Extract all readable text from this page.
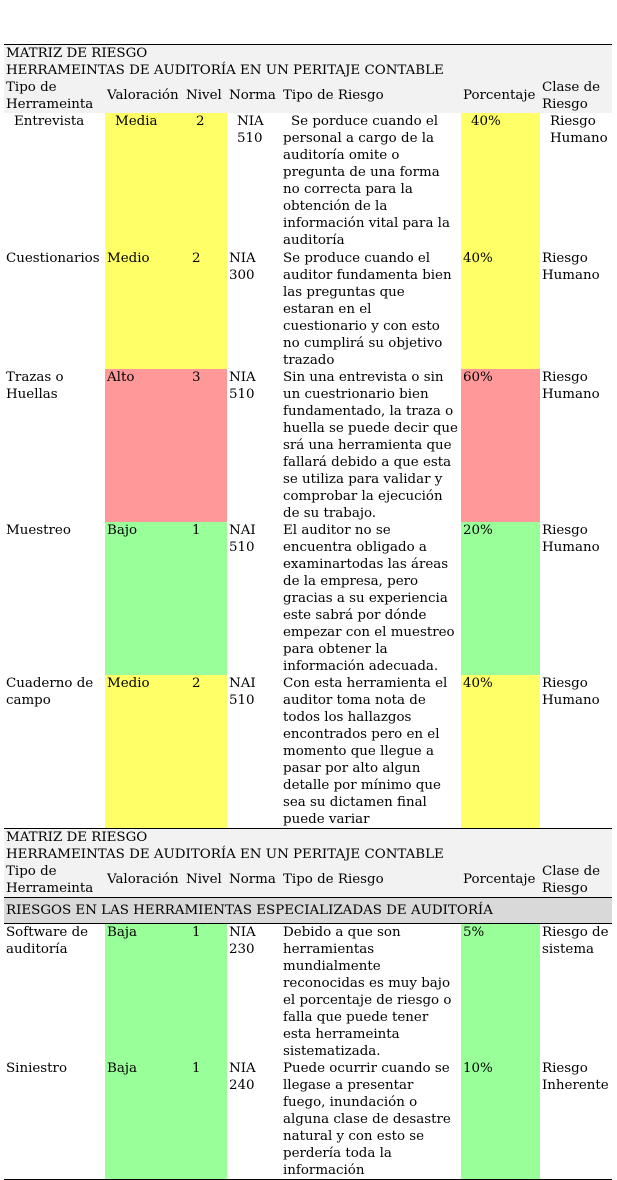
MATRIZ DE RIESGO
HERRAMEINTAS DE AUDITORÍA EN UN PERITAJE CONTABLE						

Tipo de Herrameinta	Valoración	Nivel	Norma	Tipo de Riesgo	Porcentaje	Clase de Riesgo
Entrevista	Media	2	NIA 510	Se porduce cuando el personal a cargo de la auditoría omite o pregunta de una forma no correcta para la obtención de la información vital para la auditoría	40%	Riesgo Humano
Cuestionarios	Medio	2	NIA 300	Se produce cuando el auditor fundamenta bien las preguntas que estaran en el cuestionario y con esto no cumplirá su objetivo trazado	40%	Riesgo Humano
Trazas o Huellas	Alto	3	NIA 510	Sin una entrevista o sin un cuestrionario bien fundamentado, la traza o huella se puede decir que srá una herramienta que fallará debido a que esta se utiliza para validar y comprobar la ejecución de su trabajo.	60%	Riesgo Humano
Muestreo	Bajo	1	NAI 510	El auditor no se encuentra obligado a examinartodas las áreas de la empresa, pero gracias a su experiencia este sabrá por dónde empezar con el muestreo para obtener la información adecuada.	20%	Riesgo Humano
Cuaderno de campo	Medio	2	NAI 510	Con esta herramienta el auditor toma nota de todos los hallazgos encontrados pero en el momento que llegue a pasar por alto algun detalle por mínimo que sea su dictamen final puede variar	40%	Riesgo Humano

MATRIZ DE RIESGO
HERRAMEINTAS DE AUDITORÍA EN UN PERITAJE CONTABLE						

Tipo de Herrameinta	Valoración	Nivel	Norma	Tipo de Riesgo	Porcentaje	Clase de Riesgo
RIESGOS EN LAS HERRAMIENTAS ESPECIALIZADAS DE AUDITORÍA						
Software de auditoría	Baja	1	NIA 230	Debido a que son herramientas mundialmente reconocidas es muy bajo el porcentaje de riesgo o falla que puede tener esta herrameinta sistematizada.	5%	Riesgo de sistema
Siniestro	Baja	1	NIA 240	Puede ocurrir cuando se llegase a presentar fuego, inundación o alguna clase de desastre natural y con esto se perdería toda la información	10%	Riesgo Inherente
